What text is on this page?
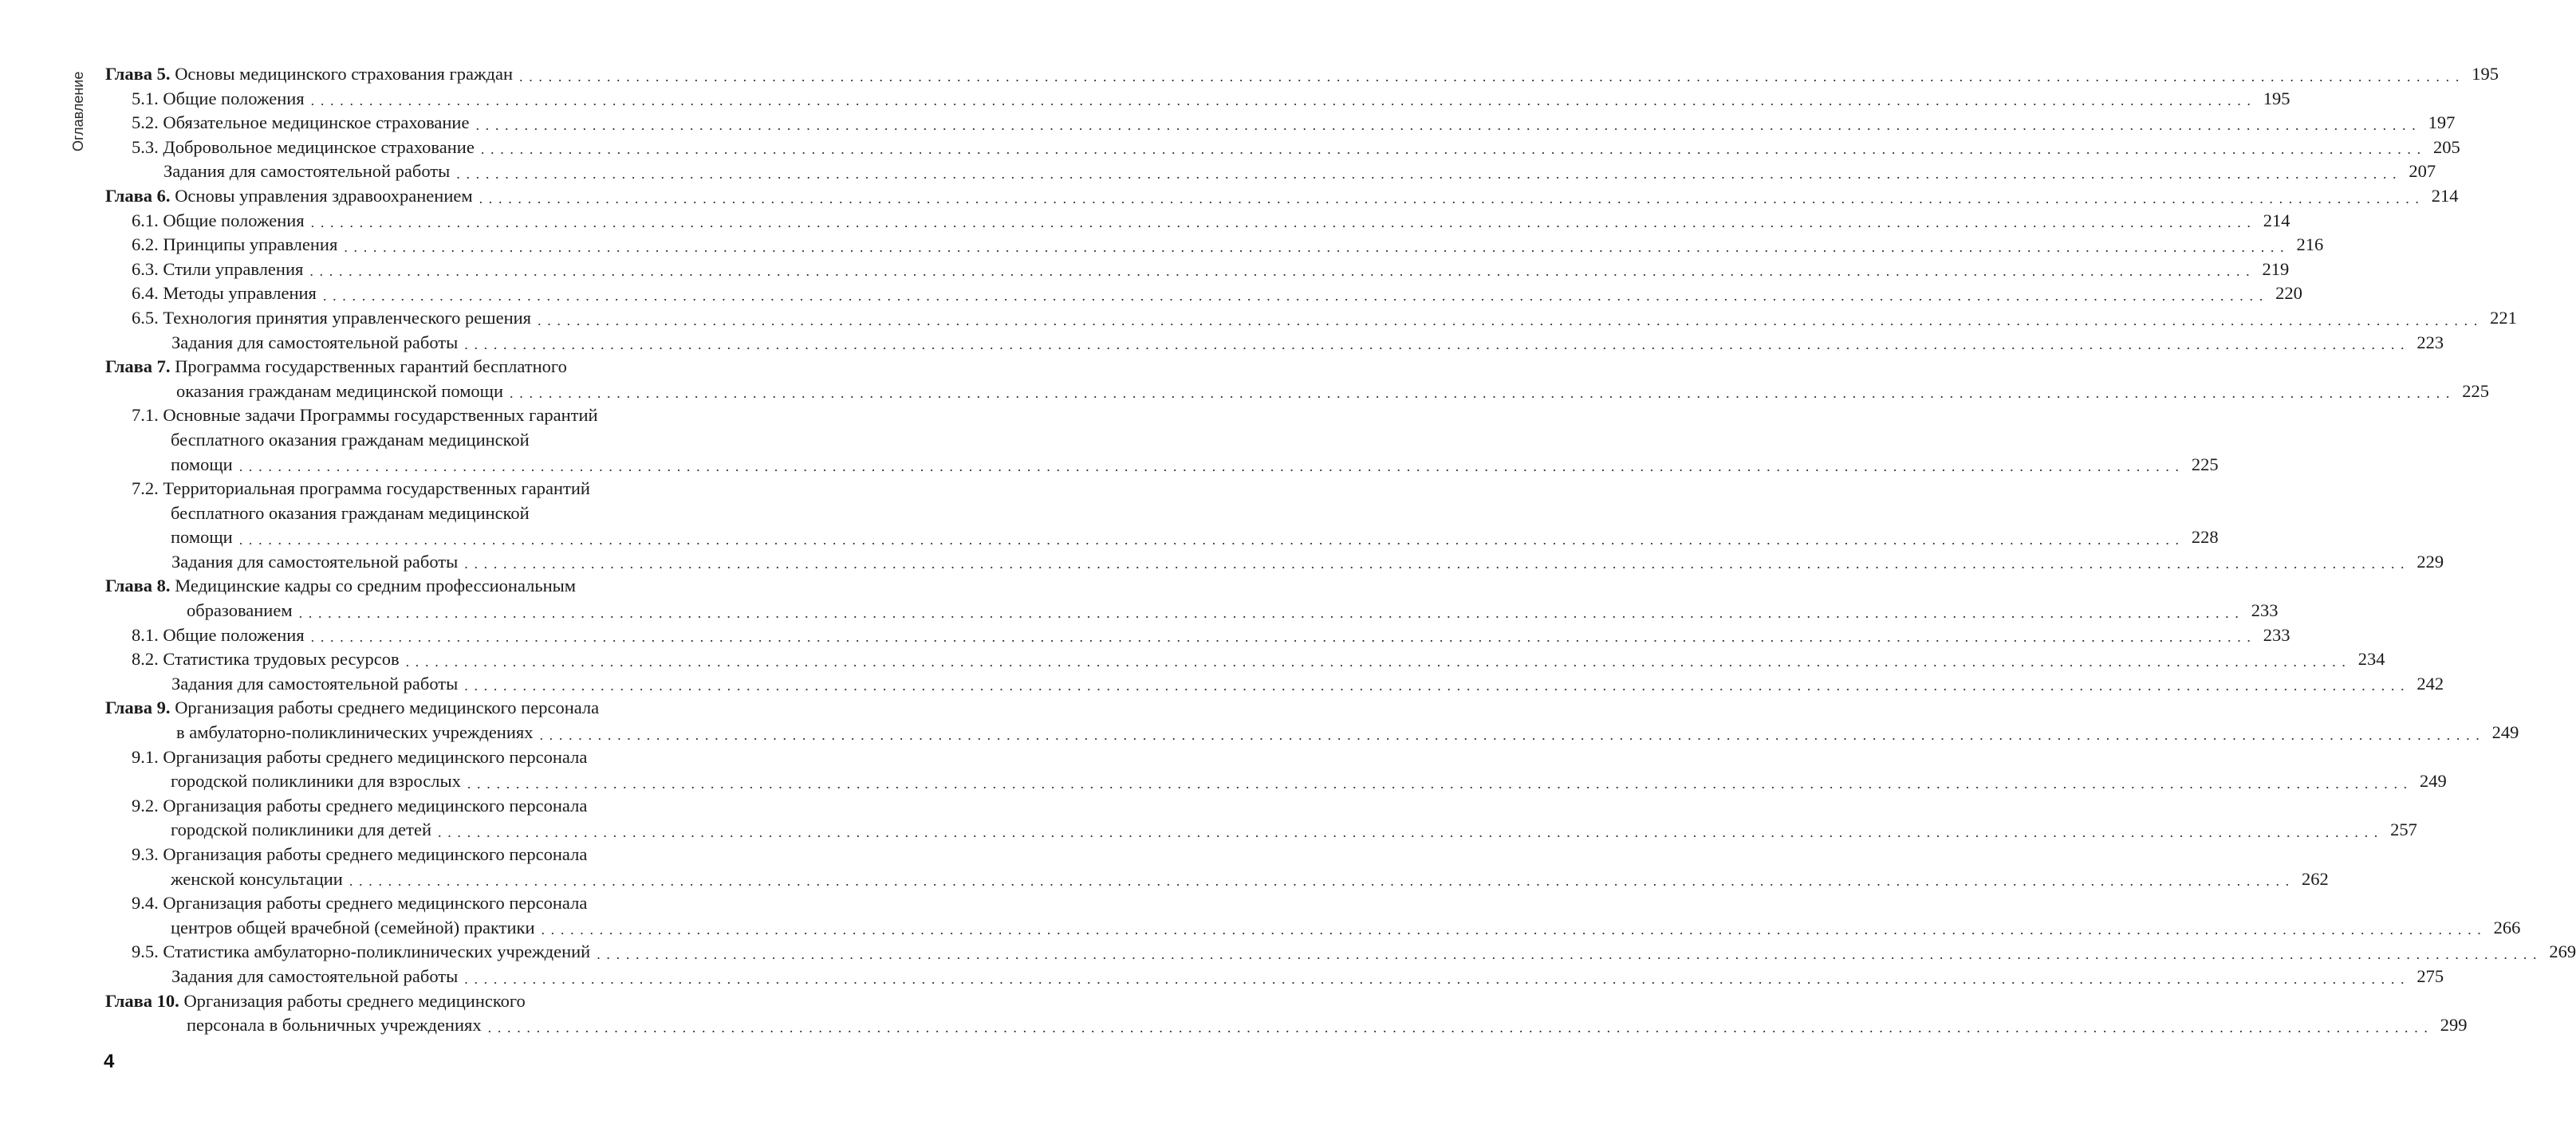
Оглавление Глава 5. Основы медицинского страхования граждан . . . . . . . . . . . . . . . . . . . . . . . . . . . . . . . . . . . . . . . . . . . . . . . . . . . . . . . . . . . . . . . . . . . . . . . . . . . . . . . . . . . . . . . . . . . . . . . . . . . . . . . . . . . . . . . . . . . . . . . . . . . . . . . . . . . . . . . . . . . . . . . . . . . . . . . . . . . . . . . . . . . . . . . . . . . . . . . . . . . . . . . . . . . . . . . . . . . . . . . . 195
5.1. Общие положения . . . . . . . . . . . . . . . . . . . . . . . . . . . . . . . . . . . . . . . . . . . . . . . . . . . . . . . . . . . . . . . . . . . . . . . . . . . . . . . . . . . . . . . . . . . . . . . . . . . . . . . . . . . . . . . . . . . . . . . . . . . . . . . . . . . . . . . . . . . . . . . . . . . . . . . . . . . . . . . . . . . . . . . . . . . . . . . . . . . . . . . . . . . . . . . . . . . . . . . . 195
5.2. Обязательное медицинское страхование . . . . . . . . . . . . . . . . . . . . . . . . . . . . . . . . . . . . . . . . . . . . . . . . . . . . . . . . . . . . . . . . . . . . . . . . . . . . . . . . . . . . . . . . . . . . . . . . . . . . . . . . . . . . . . . . . . . . . . . . . . . . . . . . . . . . . . . . . . . . . . . . . . . . . . . . . . . . . . . . . . . . . . . . . . . . . . . . . . . . . . . . . . . . . . . . . . . . . . . . 197
5.3. Добровольное медицинское страхование . . . . . . . . . . . . . . . . . . . . . . . . . . . . . . . . . . . . . . . . . . . . . . . . . . . . . . . . . . . . . . . . . . . . . . . . . . . . . . . . . . . . . . . . . . . . . . . . . . . . . . . . . . . . . . . . . . . . . . . . . . . . . . . . . . . . . . . . . . . . . . . . . . . . . . . . . . . . . . . . . . . . . . . . . . . . . . . . . . . . . . . . . . . . . . . . . . . . . . . . 205
Задания для самостоятельной работы . . . . . . . . . . . . . . . . . . . . . . . . . . . . . . . . . . . . . . . . . . . . . . . . . . . . . . . . . . . . . . . . . . . . . . . . . . . . . . . . . . . . . . . . . . . . . . . . . . . . . . . . . . . . . . . . . . . . . . . . . . . . . . . . . . . . . . . . . . . . . . . . . . . . . . . . . . . . . . . . . . . . . . . . . . . . . . . . . . . . . . . . . . . . . . . . . . . . . . . . 207
Глава 6. Основы управления здравоохранением . . . . . . . . . . . . . . . . . . . . . . . . . . . . . . . . . . . . . . . . . . . . . . . . . . . . . . . . . . . . . . . . . . . . . . . . . . . . . . . . . . . . . . . . . . . . . . . . . . . . . . . . . . . . . . . . . . . . . . . . . . . . . . . . . . . . . . . . . . . . . . . . . . . . . . . . . . . . . . . . . . . . . . . . . . . . . . . . . . . . . . . . . . . . . . . . . . . . . . . . 214
6.1. Общие положения . . . . . . . . . . . . . . . . . . . . . . . . . . . . . . . . . . . . . . . . . . . . . . . . . . . . . . . . . . . . . . . . . . . . . . . . . . . . . . . . . . . . . . . . . . . . . . . . . . . . . . . . . . . . . . . . . . . . . . . . . . . . . . . . . . . . . . . . . . . . . . . . . . . . . . . . . . . . . . . . . . . . . . . . . . . . . . . . . . . . . . . . . . . . . . . . . . . . . . . . 214
6.2. Принципы управления . . . . . . . . . . . . . . . . . . . . . . . . . . . . . . . . . . . . . . . . . . . . . . . . . . . . . . . . . . . . . . . . . . . . . . . . . . . . . . . . . . . . . . . . . . . . . . . . . . . . . . . . . . . . . . . . . . . . . . . . . . . . . . . . . . . . . . . . . . . . . . . . . . . . . . . . . . . . . . . . . . . . . . . . . . . . . . . . . . . . . . . . . . . . . . . . . . . . . . . . 216
6.3. Стили управления . . . . . . . . . . . . . . . . . . . . . . . . . . . . . . . . . . . . . . . . . . . . . . . . . . . . . . . . . . . . . . . . . . . . . . . . . . . . . . . . . . . . . . . . . . . . . . . . . . . . . . . . . . . . . . . . . . . . . . . . . . . . . . . . . . . . . . . . . . . . . . . . . . . . . . . . . . . . . . . . . . . . . . . . . . . . . . . . . . . . . . . . . . . . . . . . . . . . . . . . 219
6.4. Методы управления . . . . . . . . . . . . . . . . . . . . . . . . . . . . . . . . . . . . . . . . . . . . . . . . . . . . . . . . . . . . . . . . . . . . . . . . . . . . . . . . . . . . . . . . . . . . . . . . . . . . . . . . . . . . . . . . . . . . . . . . . . . . . . . . . . . . . . . . . . . . . . . . . . . . . . . . . . . . . . . . . . . . . . . . . . . . . . . . . . . . . . . . . . . . . . . . . . . . . . . . 220
6.5. Технология принятия управленческого решения . . . . . . . . . . . . . . . . . . . . . . . . . . . . . . . . . . . . . . . . . . . . . . . . . . . . . . . . . . . . . . . . . . . . . . . . . . . . . . . . . . . . . . . . . . . . . . . . . . . . . . . . . . . . . . . . . . . . . . . . . . . . . . . . . . . . . . . . . . . . . . . . . . . . . . . . . . . . . . . . . . . . . . . . . . . . . . . . . . . . . . . . . . . . . . . . . . . . . . . . 221
Задания для самостоятельной работы . . . . . . . . . . . . . . . . . . . . . . . . . . . . . . . . . . . . . . . . . . . . . . . . . . . . . . . . . . . . . . . . . . . . . . . . . . . . . . . . . . . . . . . . . . . . . . . . . . . . . . . . . . . . . . . . . . . . . . . . . . . . . . . . . . . . . . . . . . . . . . . . . . . . . . . . . . . . . . . . . . . . . . . . . . . . . . . . . . . . . . . . . . . . . . . . . . . . . . . . 223
Глава 7. Программа государственных гарантий бесплатного
оказания гражданам медицинской помощи . . . . . . . . . . . . . . . . . . . . . . . . . . . . . . . . . . . . . . . . . . . . . . . . . . . . . . . . . . . . . . . . . . . . . . . . . . . . . . . . . . . . . . . . . . . . . . . . . . . . . . . . . . . . . . . . . . . . . . . . . . . . . . . . . . . . . . . . . . . . . . . . . . . . . . . . . . . . . . . . . . . . . . . . . . . . . . . . . . . . . . . . . . . . . . . . . . . . . . . . 225
7.1. Основные задачи Программы государственных гарантий
бесплатного оказания гражданам медицинской
помощи . . . . . . . . . . . . . . . . . . . . . . . . . . . . . . . . . . . . . . . . . . . . . . . . . . . . . . . . . . . . . . . . . . . . . . . . . . . . . . . . . . . . . . . . . . . . . . . . . . . . . . . . . . . . . . . . . . . . . . . . . . . . . . . . . . . . . . . . . . . . . . . . . . . . . . . . . . . . . . . . . . . . . . . . . . . . . . . . . . . . . . . . . . . . . . . . . . . . . . . . 225
7.2. Территориальная программа государственных гарантий
бесплатного оказания гражданам медицинской
помощи . . . . . . . . . . . . . . . . . . . . . . . . . . . . . . . . . . . . . . . . . . . . . . . . . . . . . . . . . . . . . . . . . . . . . . . . . . . . . . . . . . . . . . . . . . . . . . . . . . . . . . . . . . . . . . . . . . . . . . . . . . . . . . . . . . . . . . . . . . . . . . . . . . . . . . . . . . . . . . . . . . . . . . . . . . . . . . . . . . . . . . . . . . . . . . . . . . . . . . . . 228
Задания для самостоятельной работы . . . . . . . . . . . . . . . . . . . . . . . . . . . . . . . . . . . . . . . . . . . . . . . . . . . . . . . . . . . . . . . . . . . . . . . . . . . . . . . . . . . . . . . . . . . . . . . . . . . . . . . . . . . . . . . . . . . . . . . . . . . . . . . . . . . . . . . . . . . . . . . . . . . . . . . . . . . . . . . . . . . . . . . . . . . . . . . . . . . . . . . . . . . . . . . . . . . . . . . . 229
Глава 8. Медицинские кадры со средним профессиональным
образованием . . . . . . . . . . . . . . . . . . . . . . . . . . . . . . . . . . . . . . . . . . . . . . . . . . . . . . . . . . . . . . . . . . . . . . . . . . . . . . . . . . . . . . . . . . . . . . . . . . . . . . . . . . . . . . . . . . . . . . . . . . . . . . . . . . . . . . . . . . . . . . . . . . . . . . . . . . . . . . . . . . . . . . . . . . . . . . . . . . . . . . . . . . . . . . . . . . . . . . . . 233
8.1. Общие положения . . . . . . . . . . . . . . . . . . . . . . . . . . . . . . . . . . . . . . . . . . . . . . . . . . . . . . . . . . . . . . . . . . . . . . . . . . . . . . . . . . . . . . . . . . . . . . . . . . . . . . . . . . . . . . . . . . . . . . . . . . . . . . . . . . . . . . . . . . . . . . . . . . . . . . . . . . . . . . . . . . . . . . . . . . . . . . . . . . . . . . . . . . . . . . . . . . . . . . . . 233
8.2. Статистика трудовых ресурсов . . . . . . . . . . . . . . . . . . . . . . . . . . . . . . . . . . . . . . . . . . . . . . . . . . . . . . . . . . . . . . . . . . . . . . . . . . . . . . . . . . . . . . . . . . . . . . . . . . . . . . . . . . . . . . . . . . . . . . . . . . . . . . . . . . . . . . . . . . . . . . . . . . . . . . . . . . . . . . . . . . . . . . . . . . . . . . . . . . . . . . . . . . . . . . . . . . . . . . . . 234
Задания для самостоятельной работы . . . . . . . . . . . . . . . . . . . . . . . . . . . . . . . . . . . . . . . . . . . . . . . . . . . . . . . . . . . . . . . . . . . . . . . . . . . . . . . . . . . . . . . . . . . . . . . . . . . . . . . . . . . . . . . . . . . . . . . . . . . . . . . . . . . . . . . . . . . . . . . . . . . . . . . . . . . . . . . . . . . . . . . . . . . . . . . . . . . . . . . . . . . . . . . . . . . . . . . . 242
Глава 9. Организация работы среднего медицинского персонала
в амбулаторно-поликлинических учреждениях . . . . . . . . . . . . . . . . . . . . . . . . . . . . . . . . . . . . . . . . . . . . . . . . . . . . . . . . . . . . . . . . . . . . . . . . . . . . . . . . . . . . . . . . . . . . . . . . . . . . . . . . . . . . . . . . . . . . . . . . . . . . . . . . . . . . . . . . . . . . . . . . . . . . . . . . . . . . . . . . . . . . . . . . . . . . . . . . . . . . . . . . . . . . . . . . . . . . . . . . 249
9.1. Организация работы среднего медицинского персонала
городской поликлиники для взрослых . . . . . . . . . . . . . . . . . . . . . . . . . . . . . . . . . . . . . . . . . . . . . . . . . . . . . . . . . . . . . . . . . . . . . . . . . . . . . . . . . . . . . . . . . . . . . . . . . . . . . . . . . . . . . . . . . . . . . . . . . . . . . . . . . . . . . . . . . . . . . . . . . . . . . . . . . . . . . . . . . . . . . . . . . . . . . . . . . . . . . . . . . . . . . . . . . . . . . . . . 249
9.2. Организация работы среднего медицинского персонала
городской поликлиники для детей . . . . . . . . . . . . . . . . . . . . . . . . . . . . . . . . . . . . . . . . . . . . . . . . . . . . . . . . . . . . . . . . . . . . . . . . . . . . . . . . . . . . . . . . . . . . . . . . . . . . . . . . . . . . . . . . . . . . . . . . . . . . . . . . . . . . . . . . . . . . . . . . . . . . . . . . . . . . . . . . . . . . . . . . . . . . . . . . . . . . . . . . . . . . . . . . . . . . . . . . 257
9.3. Организация работы среднего медицинского персонала
женской консультации . . . . . . . . . . . . . . . . . . . . . . . . . . . . . . . . . . . . . . . . . . . . . . . . . . . . . . . . . . . . . . . . . . . . . . . . . . . . . . . . . . . . . . . . . . . . . . . . . . . . . . . . . . . . . . . . . . . . . . . . . . . . . . . . . . . . . . . . . . . . . . . . . . . . . . . . . . . . . . . . . . . . . . . . . . . . . . . . . . . . . . . . . . . . . . . . . . . . . . . . 262
9.4. Организация работы среднего медицинского персонала
центров общей врачебной (семейной) практики . . . . . . . . . . . . . . . . . . . . . . . . . . . . . . . . . . . . . . . . . . . . . . . . . . . . . . . . . . . . . . . . . . . . . . . . . . . . . . . . . . . . . . . . . . . . . . . . . . . . . . . . . . . . . . . . . . . . . . . . . . . . . . . . . . . . . . . . . . . . . . . . . . . . . . . . . . . . . . . . . . . . . . . . . . . . . . . . . . . . . . . . . . . . . . . . . . . . . . . . 266
9.5. Статистика амбулаторно-поликлинических учреждений . . . . . . . . . . . . . . . . . . . . . . . . . . . . . . . . . . . . . . . . . . . . . . . . . . . . . . . . . . . . . . . . . . . . . . . . . . . . . . . . . . . . . . . . . . . . . . . . . . . . . . . . . . . . . . . . . . . . . . . . . . . . . . . . . . . . . . . . . . . . . . . . . . . . . . . . . . . . . . . . . . . . . . . . . . . . . . . . . . . . . . . . . . . . . . . . . . . . . . . . 269
Задания для самостоятельной работы . . . . . . . . . . . . . . . . . . . . . . . . . . . . . . . . . . . . . . . . . . . . . . . . . . . . . . . . . . . . . . . . . . . . . . . . . . . . . . . . . . . . . . . . . . . . . . . . . . . . . . . . . . . . . . . . . . . . . . . . . . . . . . . . . . . . . . . . . . . . . . . . . . . . . . . . . . . . . . . . . . . . . . . . . . . . . . . . . . . . . . . . . . . . . . . . . . . . . . . . 275
Глава 10. Организация работы среднего медицинского
персонала в больничных учреждениях . . . . . . . . . . . . . . . . . . . . . . . . . . . . . . . . . . . . . . . . . . . . . . . . . . . . . . . . . . . . . . . . . . . . . . . . . . . . . . . . . . . . . . . . . . . . . . . . . . . . . . . . . . . . . . . . . . . . . . . . . . . . . . . . . . . . . . . . . . . . . . . . . . . . . . . . . . . . . . . . . . . . . . . . . . . . . . . . . . . . . . . . . . . . . . . . . . . . . . . . 299
4
